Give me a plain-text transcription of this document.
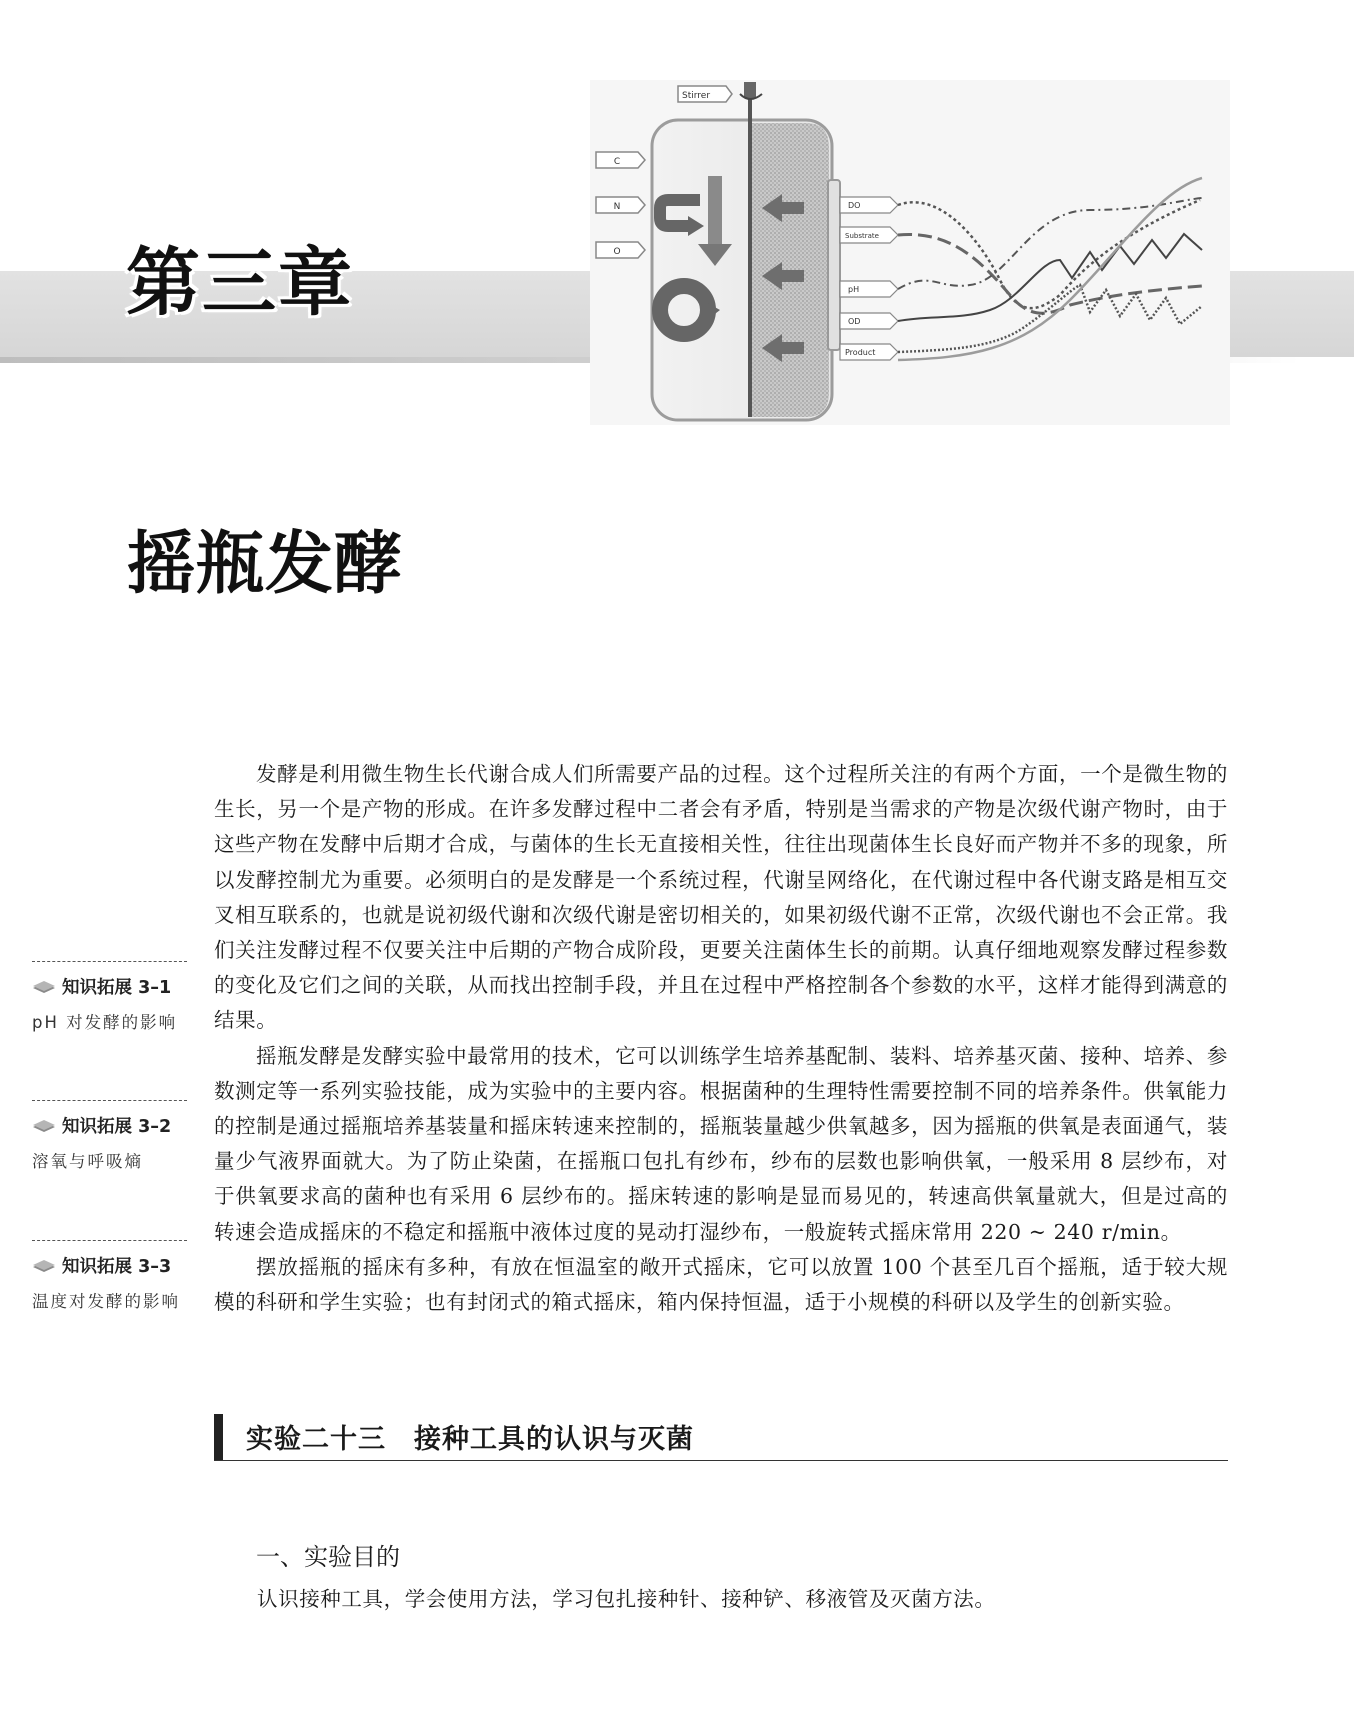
Stirrer
C
N
O
DO
Substrate
pH
OD
Product
第三章
摇瓶发酵

发酵是利用微生物生长代谢合成人们所需要产品的过程。这个过程所关注的有两个方面，一个是微生物的生长，另一个是产物的形成。在许多发酵过程中二者会有矛盾，特别是当需求的产物是次级代谢产物时，由于这些产物在发酵中后期才合成，与菌体的生长无直接相关性，往往出现菌体生长良好而产物并不多的现象，所以发酵控制尤为重要。必须明白的是发酵是一个系统过程，代谢呈网络化，在代谢过程中各代谢支路是相互交叉相互联系的，也就是说初级代谢和次级代谢是密切相关的，如果初级代谢不正常，次级代谢也不会正常。我们关注发酵过程不仅要关注中后期的产物合成阶段，更要关注菌体生长的前期。认真仔细地观察发酵过程参数的变化及它们之间的关联，从而找出控制手段，并且在过程中严格控制各个参数的水平，这样才能得到满意的结果。

摇瓶发酵是发酵实验中最常用的技术，它可以训练学生培养基配制、装料、培养基灭菌、接种、培养、参数测定等一系列实验技能，成为实验中的主要内容。根据菌种的生理特性需要控制不同的培养条件。供氧能力的控制是通过摇瓶培养基装量和摇床转速来控制的，摇瓶装量越少供氧越多，因为摇瓶的供氧是表面通气，装量少气液界面就大。为了防止染菌，在摇瓶口包扎有纱布，纱布的层数也影响供氧，一般采用 8 层纱布，对于供氧要求高的菌种也有采用 6 层纱布的。摇床转速的影响是显而易见的，转速高供氧量就大，但是过高的转速会造成摇床的不稳定和摇瓶中液体过度的晃动打湿纱布，一般旋转式摇床常用 220 ~ 240 r/min。

摆放摇瓶的摇床有多种，有放在恒温室的敞开式摇床，它可以放置 100 个甚至几百个摇瓶，适于较大规模的科研和学生实验；也有封闭式的箱式摇床，箱内保持恒温，适于小规模的科研以及学生的创新实验。

知识拓展 3–1
pH 对发酵的影响
知识拓展 3–2
溶氧与呼吸熵
知识拓展 3–3
温度对发酵的影响
实验二十三　接种工具的认识与灭菌
一、实验目的
认识接种工具，学会使用方法，学习包扎接种针、接种铲、移液管及灭菌方法。
